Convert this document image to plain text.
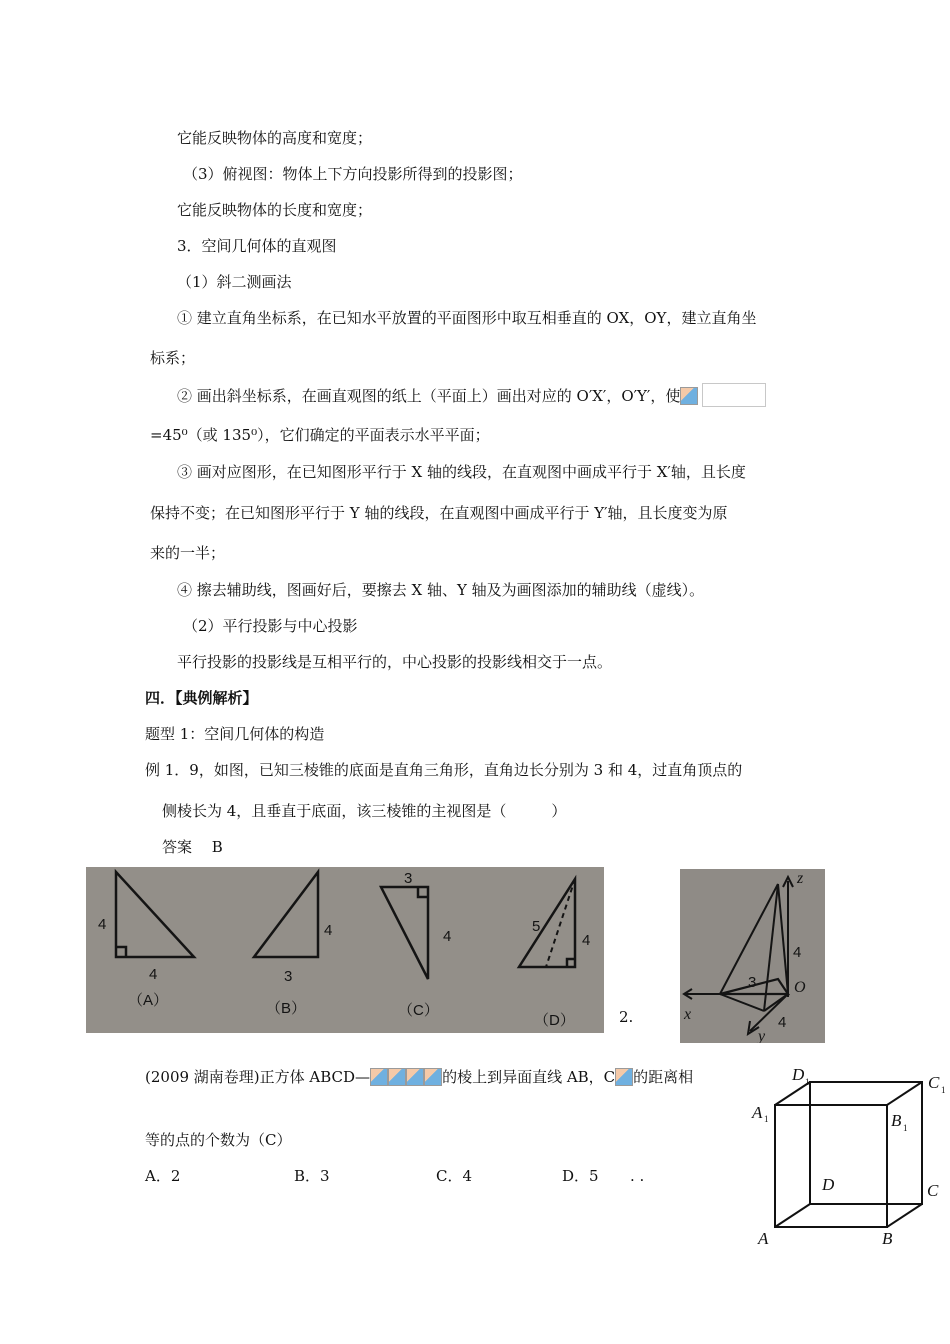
它能反映物体的高度和宽度；
（3）俯视图：物体上下方向投影所得到的投影图；
它能反映物体的长度和宽度；
3．空间几何体的直观图
（1）斜二测画法
① 建立直角坐标系，在已知水平放置的平面图形中取互相垂直的 OX，OY，建立直角坐
标系；
② 画出斜坐标系，在画直观图的纸上（平面上）画出对应的 O′X′，O′Y′，使
=45⁰（或 135⁰），它们确定的平面表示水平平面；
③ 画对应图形，在已知图形平行于 X 轴的线段，在直观图中画成平行于 X′轴，且长度
保持不变；在已知图形平行于 Y 轴的线段，在直观图中画成平行于 Y′轴，且长度变为原
来的一半；
④ 擦去辅助线，图画好后，要擦去 X 轴、Y 轴及为画图添加的辅助线（虚线）。
（2）平行投影与中心投影
平行投影的投影线是互相平行的，中心投影的投影线相交于一点。
四．【典例解析】
题型 1：空间几何体的构造
例 1．9，如图，已知三棱锥的底面是直角三角形，直角边长分别为 3 和 4，过直角顶点的
侧棱长为 4，且垂直于底面，该三棱锥的主视图是（　　　）
答案　 B
4
4
（A）
4
3
（B）
3
4
（C）
5
4
（D）	2.
z
x
y
O
4
3
4
(2009 湖南卷理)正方体 ABCD—	的棱上到异面直线 AB，C 的距离相
等的点的个数为（C）
A．2	B．3	C．4	D．5 . .
D 1	C 1
A 1	B 1
D	C
A	B
